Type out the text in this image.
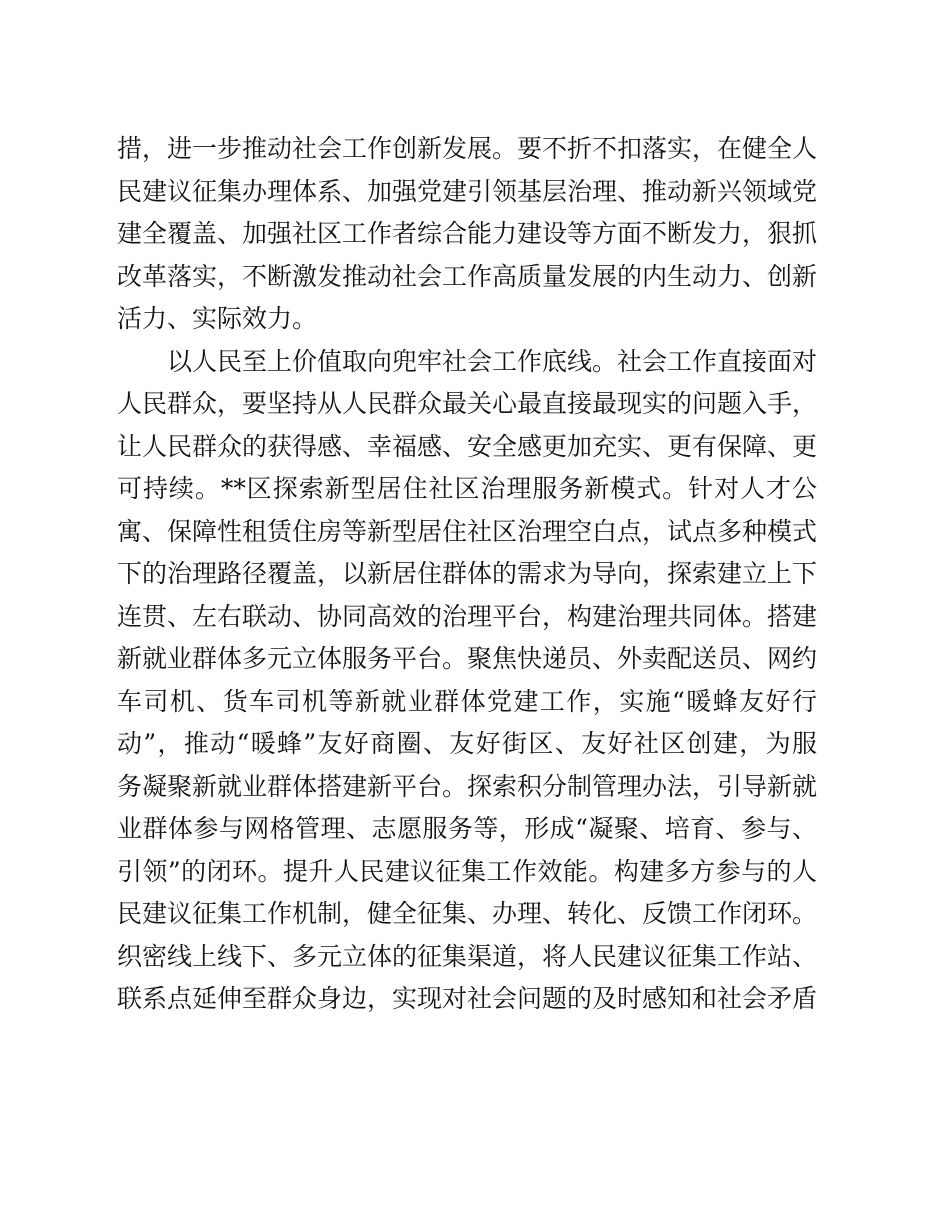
措，进一步推动社会工作创新发展。要不折不扣落实，在健全人
民建议征集办理体系、加强党建引领基层治理、推动新兴领域党
建全覆盖、加强社区工作者综合能力建设等方面不断发力，狠抓
改革落实，不断激发推动社会工作高质量发展的内生动力、创新
活力、实际效力。
以人民至上价值取向兜牢社会工作底线。社会工作直接面对
人民群众，要坚持从人民群众最关心最直接最现实的问题入手，
让人民群众的获得感、幸福感、安全感更加充实、更有保障、更
可持续。**区探索新型居住社区治理服务新模式。针对人才公
寓、保障性租赁住房等新型居住社区治理空白点，试点多种模式
下的治理路径覆盖，以新居住群体的需求为导向，探索建立上下
连贯、左右联动、协同高效的治理平台，构建治理共同体。搭建
新就业群体多元立体服务平台。聚焦快递员、外卖配送员、网约
车司机、货车司机等新就业群体党建工作，实施“暖蜂友好行
动”，推动“暖蜂”友好商圈、友好街区、友好社区创建，为服
务凝聚新就业群体搭建新平台。探索积分制管理办法，引导新就
业群体参与网格管理、志愿服务等，形成“凝聚、培育、参与、
引领”的闭环。提升人民建议征集工作效能。构建多方参与的人
民建议征集工作机制，健全征集、办理、转化、反馈工作闭环。
织密线上线下、多元立体的征集渠道，将人民建议征集工作站、
联系点延伸至群众身边，实现对社会问题的及时感知和社会矛盾
